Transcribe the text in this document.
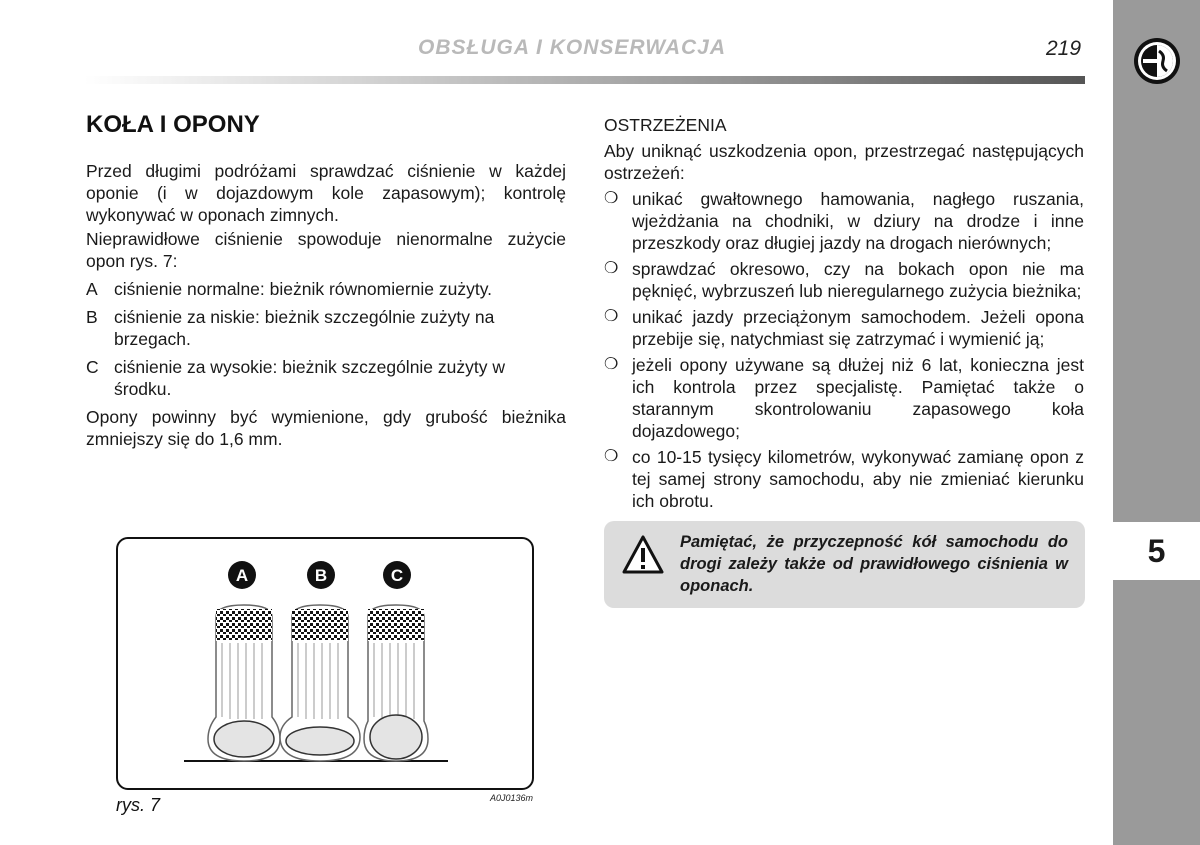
OBSŁUGA I KONSERWACJA	219
5
KOŁA I OPONY

Przed długimi podróżami sprawdzać ciśnienie w każdej oponie (i w dojazdowym kole zapasowym); kontrolę wykonywać w oponach zimnych.

Nieprawidłowe ciśnienie spowoduje nienormalne zużycie opon rys. 7:

A ciśnienie normalne: bieżnik równomiernie zużyty.
B ciśnienie za niskie: bieżnik szczególnie zużyty na brzegach.
C ciśnienie za wysokie: bieżnik szczególnie zużyty w środku.

Opony powinny być wymienione, gdy grubość bieżnika zmniejszy się do 1,6 mm.

OSTRZEŻENIA

Aby uniknąć uszkodzenia opon, przestrzegać następujących ostrzeżeń:

❍ unikać gwałtownego hamowania, nagłego ruszania, wjeżdżania na chodniki, w dziury na drodze i inne przeszkody oraz długiej jazdy na drogach nierównych;
❍ sprawdzać okresowo, czy na bokach opon nie ma pęknięć, wybrzuszeń lub nieregularnego zużycia bieżnika;
❍ unikać jazdy przeciążonym samochodem. Jeżeli opona przebije się, natychmiast się zatrzymać i wymienić ją;
❍ jeżeli opony używane są dłużej niż 6 lat, konieczna jest ich kontrola przez specjalistę. Pamiętać także o starannym skontrolowaniu zapasowego koła dojazdowego;
❍ co 10-15 tysięcy kilometrów, wykonywać zamianę opon z tej samej strony samochodu, aby nie zmieniać kierunku ich obrotu.
Pamiętać, że przyczepność kół samochodu do drogi zależy także od prawidłowego ciśnienia w oponach.
A	B	C
rys. 7	A0J0136m
